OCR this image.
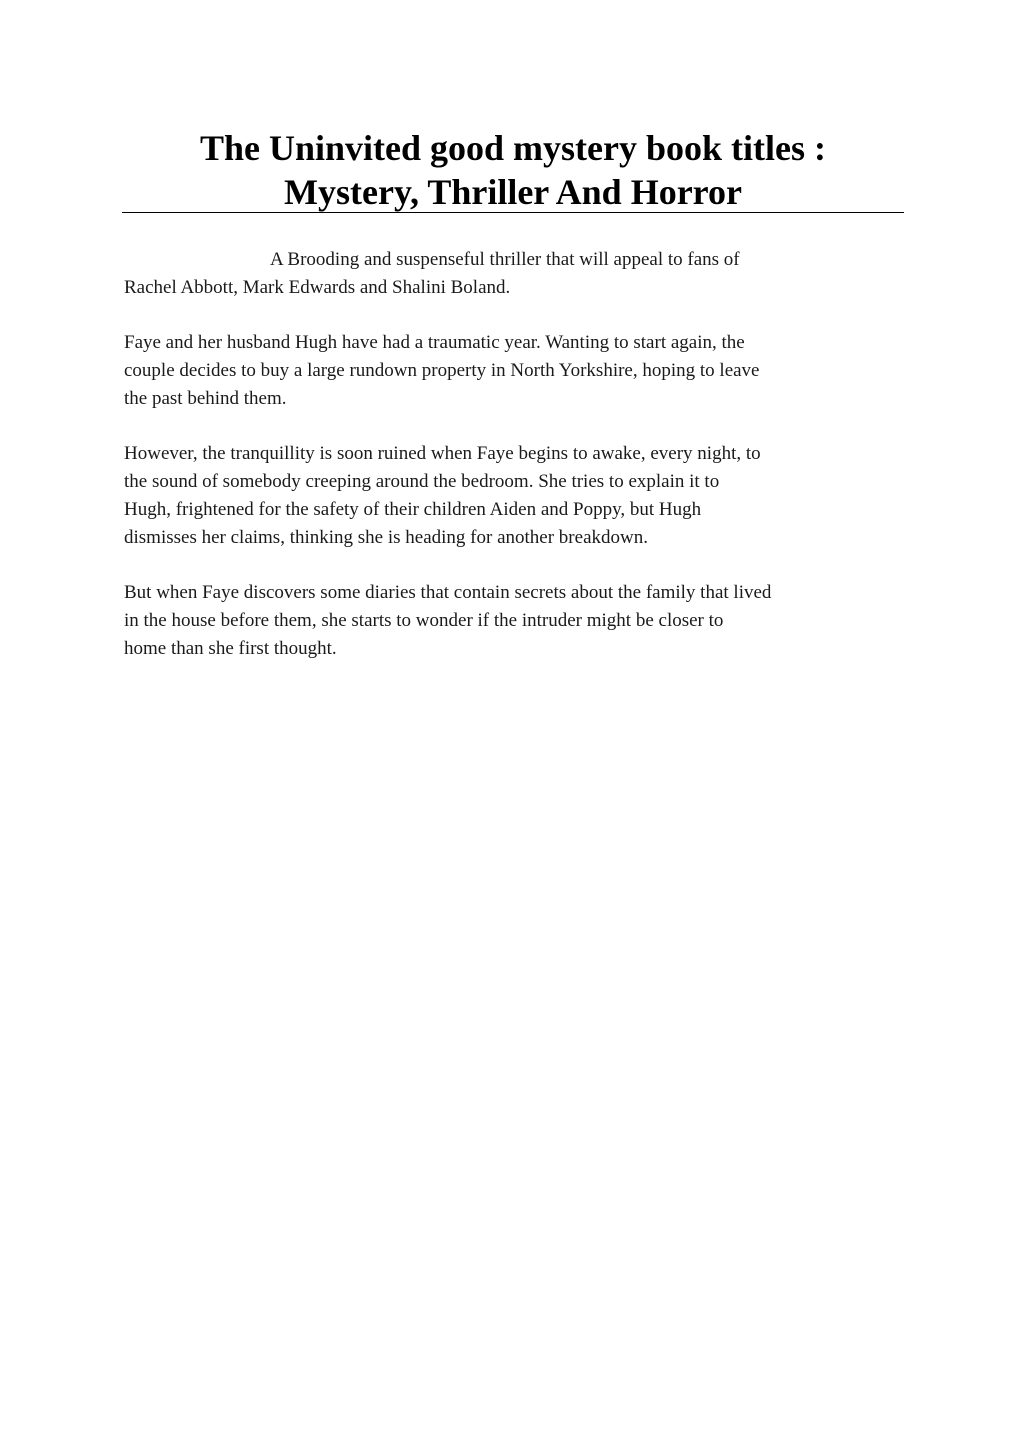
The Uninvited good mystery book titles :
Mystery, Thriller And Horror

A Brooding and suspenseful thriller that will appeal to fans of
Rachel Abbott, Mark Edwards and Shalini Boland.

Faye and her husband Hugh have had a traumatic year. Wanting to start again, the
couple decides to buy a large rundown property in North Yorkshire, hoping to leave
the past behind them.

However, the tranquillity is soon ruined when Faye begins to awake, every night, to
the sound of somebody creeping around the bedroom. She tries to explain it to
Hugh, frightened for the safety of their children Aiden and Poppy, but Hugh
dismisses her claims, thinking she is heading for another breakdown.

But when Faye discovers some diaries that contain secrets about the family that lived
in the house before them, she starts to wonder if the intruder might be closer to
home than she first thought.
